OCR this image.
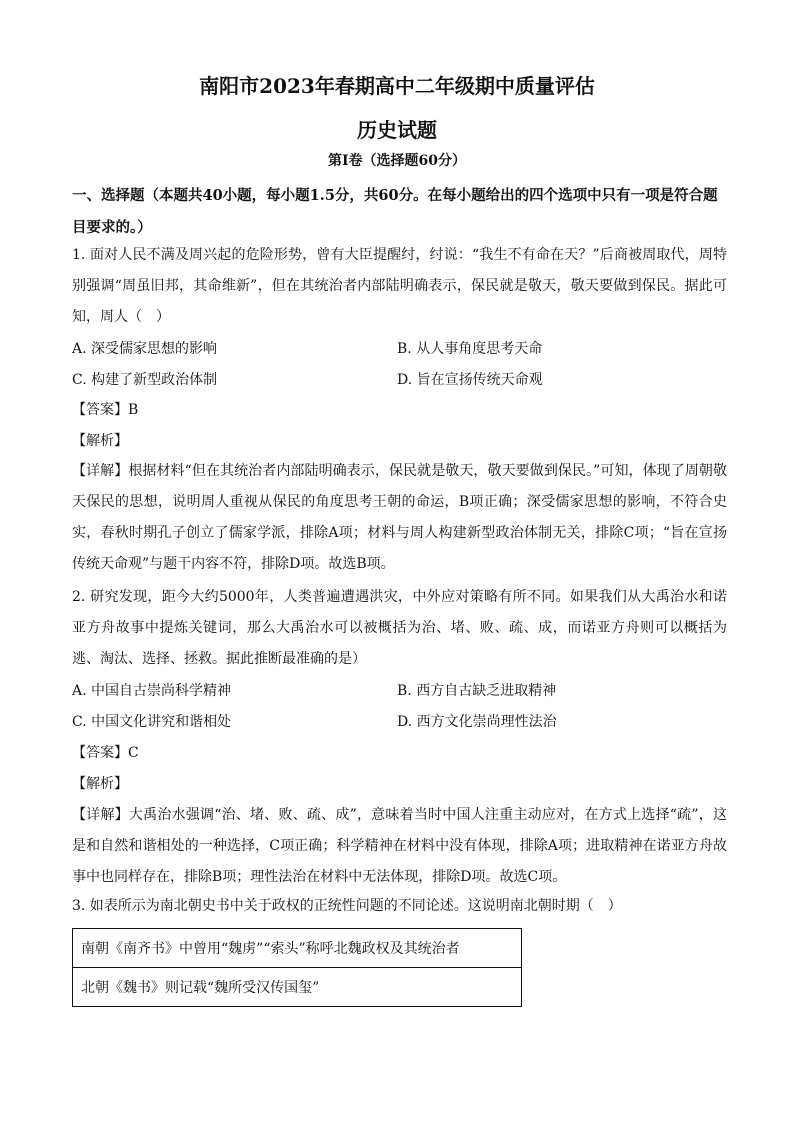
南阳市2023年春期高中二年级期中质量评估
历史试题
第Ⅰ卷（选择题60分）
一、选择题（本题共40小题，每小题1.5分，共60分。在每小题给出的四个选项中只有一项是符合题目要求的。）
1. 面对人民不满及周兴起的危险形势，曾有大臣提醒纣，纣说：“我生不有命在天？”后商被周取代，周特别强调“周虽旧邦，其命维新”，但在其统治者内部陆明确表示，保民就是敬天，敬天要做到保民。据此可知，周人（　）
A. 深受儒家思想的影响	B. 从人事角度思考天命
C. 构建了新型政治体制	D. 旨在宣扬传统天命观
【答案】B
【解析】
【详解】根据材料“但在其统治者内部陆明确表示，保民就是敬天，敬天要做到保民。”可知，体现了周朝敬天保民的思想，说明周人重视从保民的角度思考王朝的命运，B项正确；深受儒家思想的影响，不符合史实，春秋时期孔子创立了儒家学派，排除A项；材料与周人构建新型政治体制无关，排除C项；“旨在宣扬传统天命观”与题干内容不符，排除D项。故选B项。
2. 研究发现，距今大约5000年，人类普遍遭遇洪灾，中外应对策略有所不同。如果我们从大禹治水和诺亚方舟故事中提炼关键词，那么大禹治水可以被概括为治、堵、败、疏、成，而诺亚方舟则可以概括为逃、淘汰、选择、拯救。据此推断最准确的是）
A. 中国自古崇尚科学精神	B. 西方自古缺乏进取精神
C. 中国文化讲究和谐相处	D. 西方文化崇尚理性法治
【答案】C
【解析】
【详解】大禹治水强调“治、堵、败、疏、成”，意味着当时中国人注重主动应对，在方式上选择“疏”，这是和自然和谐相处的一种选择，C项正确；科学精神在材料中没有体现，排除A项；进取精神在诺亚方舟故事中也同样存在，排除B项；理性法治在材料中无法体现，排除D项。故选C项。
3. 如表所示为南北朝史书中关于政权的正统性问题的不同论述。这说明南北朝时期（　）
南朝《南齐书》中曾用“魏虏”“索头”称呼北魏政权及其统治者
北朝《魏书》则记载“魏所受汉传国玺”
